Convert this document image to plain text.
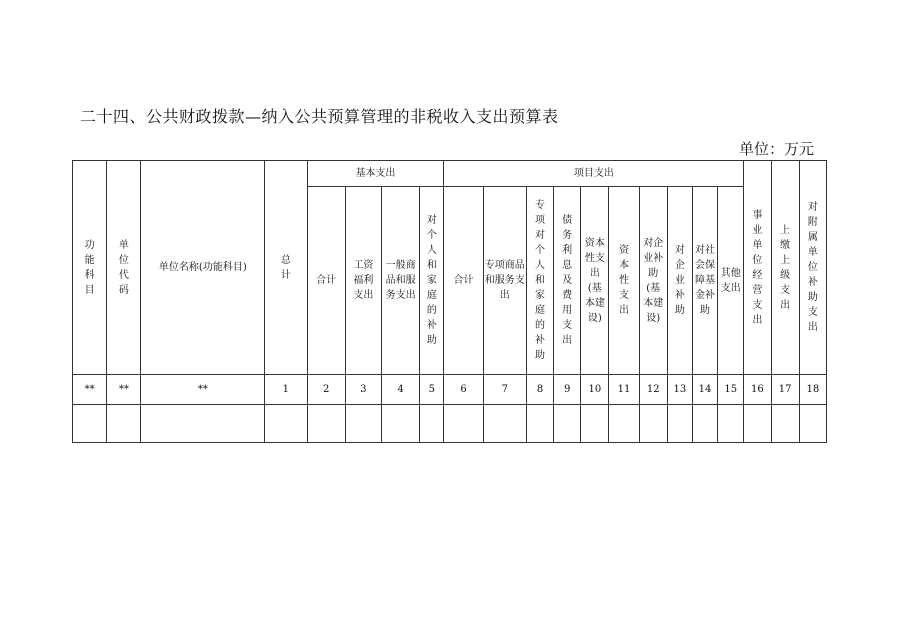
二十四、公共财政拨款—纳入公共预算管理的非税收入支出预算表
单位：万元
功能科目	单位代码	单位名称(功能科目)	总计	基本支出				项目支出										事业单位经营支出	上缴上级支出	对附属单位补助支出
				合计	工资福利支出	一般商品和服务支出	对个人和家庭的补助	合计	专项商品和服务支出	专项对个人和家庭的补助	债务利息及费用支出	资本性支出(基本建设)	资本性支出	对企业补助(基本建设)	对企业补助	对社会保障基金补助	其他支出			
**	**	**	1	2	3	4	5	6	7	8	9	10	11	12	13	14	15	16	17	18
